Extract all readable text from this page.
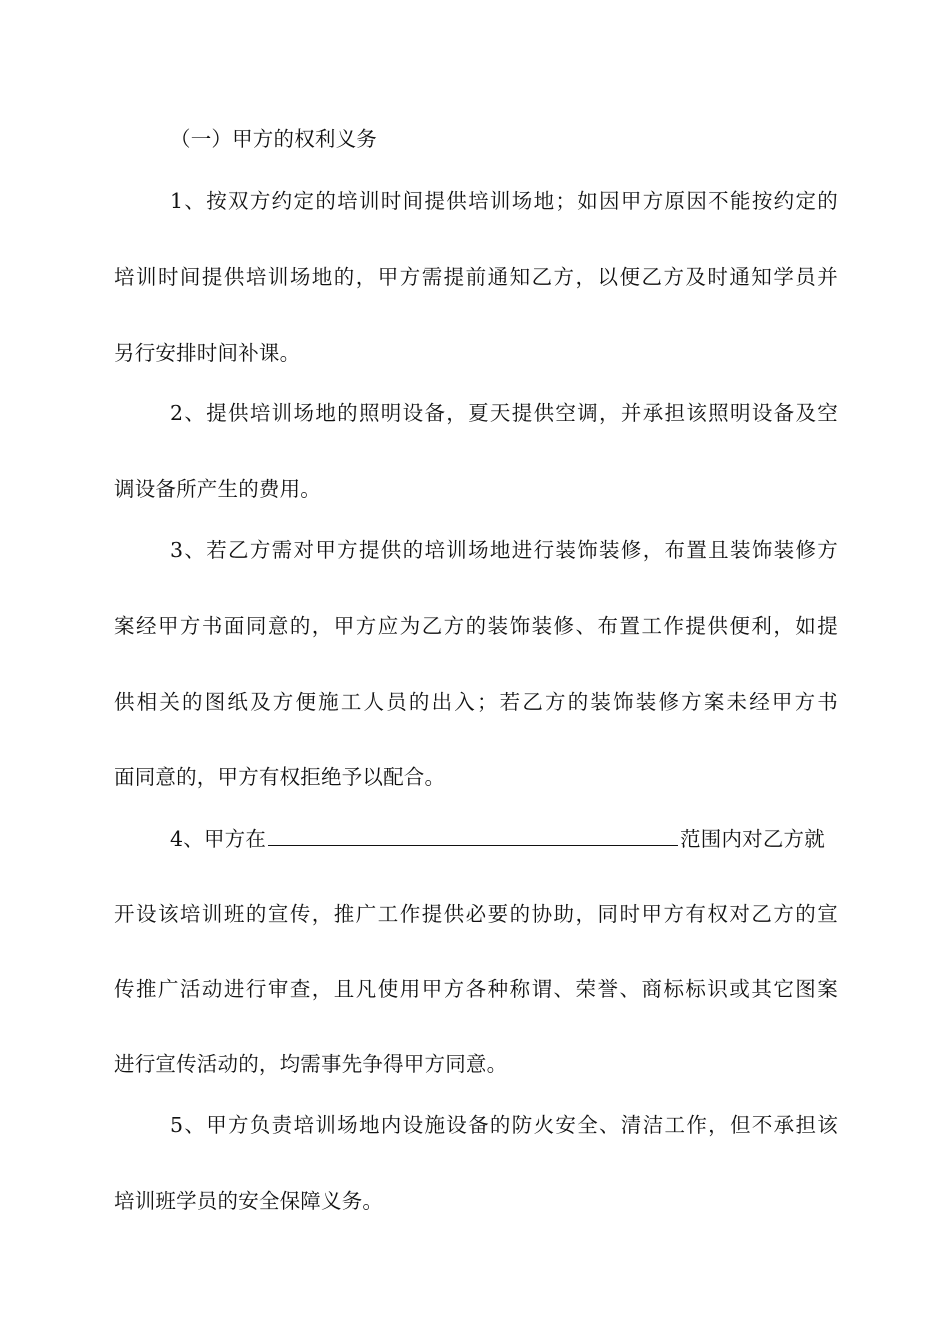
（一）甲方的权利义务
1、按双方约定的培训时间提供培训场地；如因甲方原因不能按约定的
培训时间提供培训场地的，甲方需提前通知乙方，以便乙方及时通知学员并
另行安排时间补课。
2、提供培训场地的照明设备，夏天提供空调，并承担该照明设备及空
调设备所产生的费用。
3、若乙方需对甲方提供的培训场地进行装饰装修，布置且装饰装修方
案经甲方书面同意的，甲方应为乙方的装饰装修、布置工作提供便利，如提
供相关的图纸及方便施工人员的出入；若乙方的装饰装修方案未经甲方书
面同意的，甲方有权拒绝予以配合。
4、甲方在	范围内对乙方就
开设该培训班的宣传，推广工作提供必要的协助，同时甲方有权对乙方的宣
传推广活动进行审查，且凡使用甲方各种称谓、荣誉、商标标识或其它图案
进行宣传活动的，均需事先争得甲方同意。
5、甲方负责培训场地内设施设备的防火安全、清洁工作，但不承担该
培训班学员的安全保障义务。
